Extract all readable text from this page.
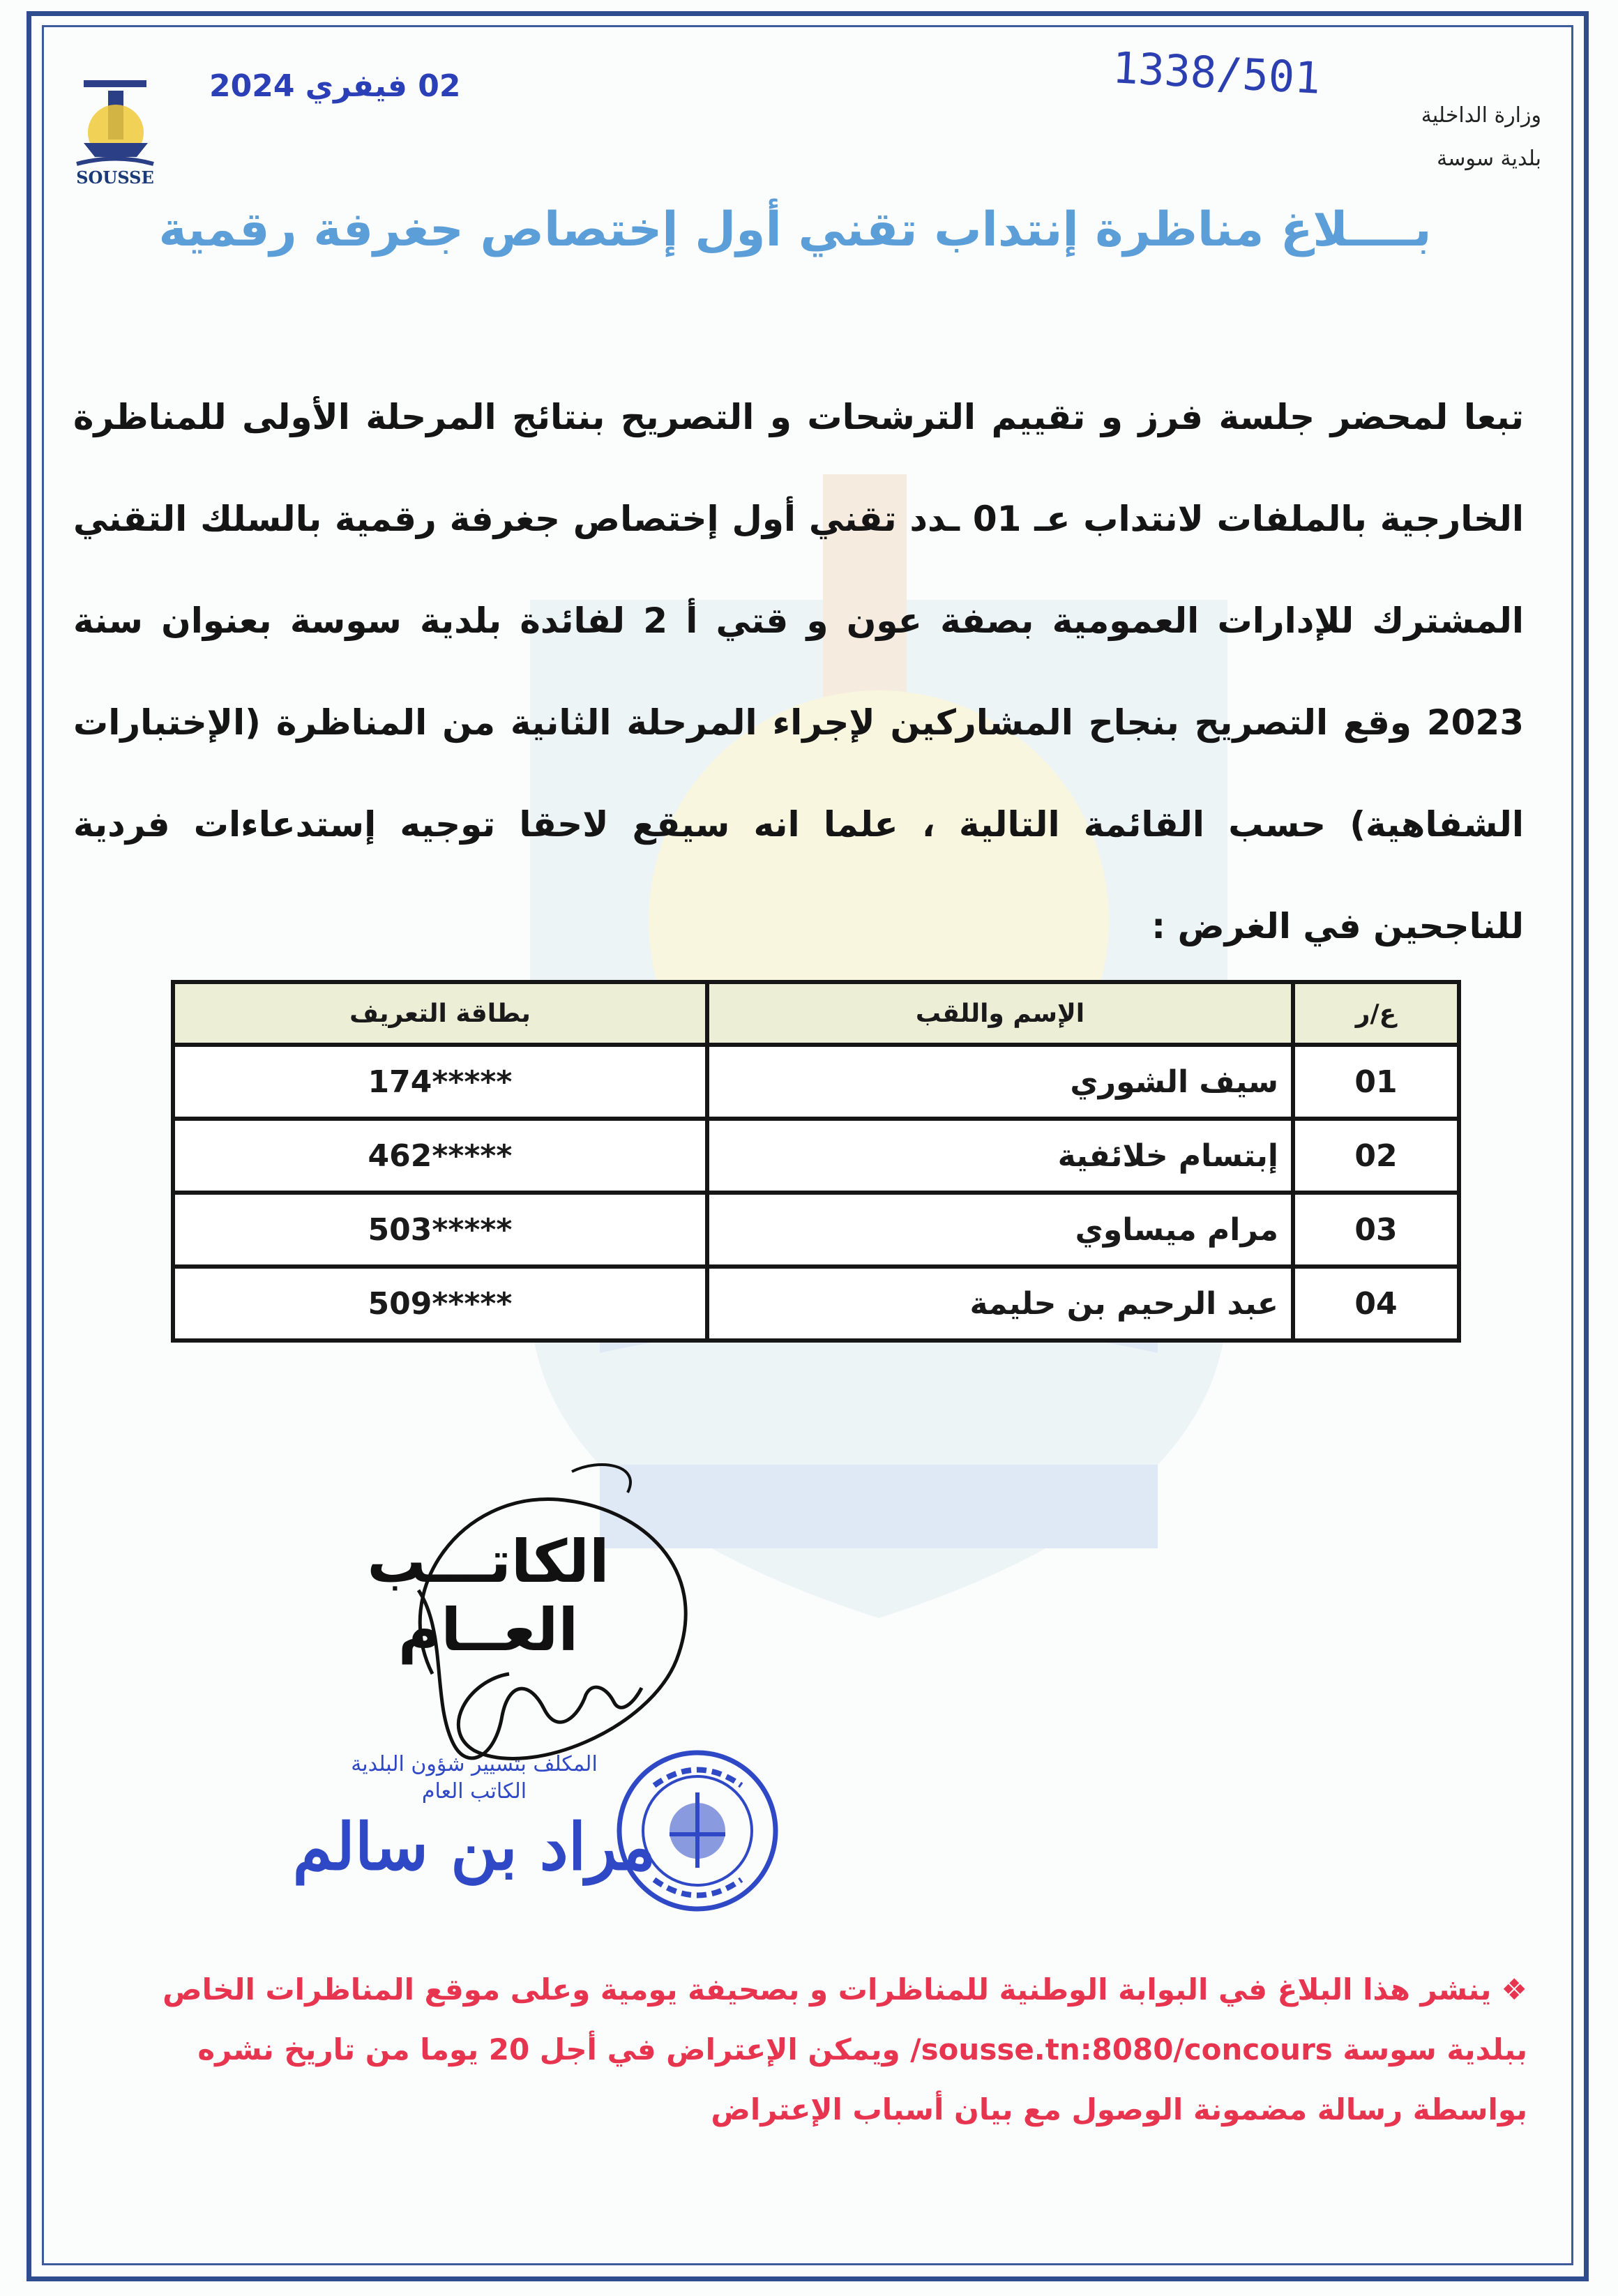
SOUSSE
02 فيفري 2024	1338/501
وزارة الداخلية
بلدية سوسة
بــــلاغ مناظرة إنتداب تقني أول إختصاص جغرفة رقمية
تبعا لمحضر جلسة فرز و تقييم الترشحات و التصريح بنتائج المرحلة الأولى للمناظرة الخارجية بالملفات لانتداب عـ 01 ـدد تقني أول إختصاص جغرفة رقمية بالسلك التقني المشترك للإدارات العمومية بصفة عون و قتي أ 2 لفائدة بلدية سوسة بعنوان سنة 2023 وقع التصريح بنجاح المشاركين لإجراء المرحلة الثانية من المناظرة (الإختبارات الشفاهية) حسب القائمة التالية ، علما انه سيقع لاحقا توجيه إستدعاءات فردية للناجحين في الغرض :
ع/ر	الإسم واللقب	بطاقة التعريف
01	سيف الشوري	174*****
02	إبتسام خلائفية	462*****
03	مرام ميساوي	503*****
04	عبد الرحيم بن حليمة	509*****
الكاتـــب العــام
المكلف بتسيير شؤون البلدية
الكاتب العام
مراد بن سالم
❖ينشر هذا البلاغ في البوابة الوطنية للمناظرات و بصحيفة يومية وعلى موقع المناظرات الخاص ببلدية سوسة sousse.tn:8080/concours/ ويمكن الإعتراض في أجل 20 يوما من تاريخ نشره بواسطة رسالة مضمونة الوصول مع بيان أسباب الإعتراض
